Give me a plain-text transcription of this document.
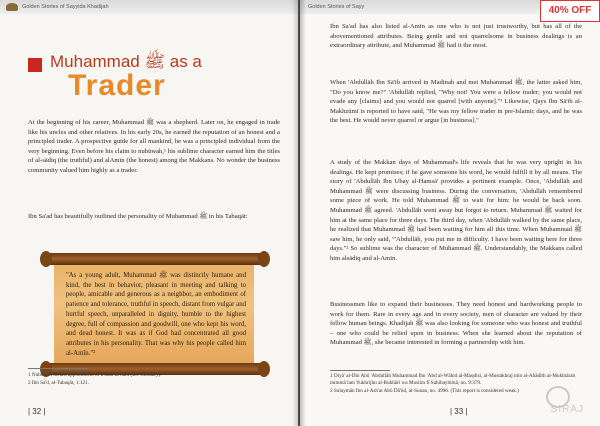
Golden Stories of Sayyida Khadijah
Muhammad ﷺ as a
Trader

At the beginning of his career, Muhammad ﷺ was a shepherd. Later on, he engaged in trade like his uncles and other relatives. In his early 20s, he earned the reputation of an honest and a principled trader. A prospective guide for all mankind, he was a principled individual from the very beginning. Even before his claim to nubūwah,¹ his sublime character earned him the titles of al-sādiq (the truthful) and alAmīn (the honest) among the Makkans. No wonder the business community valued him highly as a trader.

Ibn Sa'ad has beautifully outlined the personality of Muhammad ﷺ in his Tabaqāt:

"As a young adult, Muhammad ﷺ was distinctly humane and kind, the best in behavior, pleasant in meeting and talking to people, amicable and generous as a neighbor, an embodiment of patience and tolerance, truthful in speech, distant from vulgar and hurtful speech, unparalleled in dignity, humble to the highest degree, full of compassion and goodwill, one who kept his word, and dead honest. It was as if God had concentrated all good attributes in his personality. That was why his people called him al-Amīn."²

1 Nubūwah means appointment of a man as nabī (see Glossary).

2 Ibn Sa'd, al-Tabaqāt, 1:121.

| 32 |
Golden Stories of Sayy

Ibn Sa'ad has also listed al-Amīn as one who is not just trustworthy, but has all of the abovementioned attributes. Being gentle and not quarrelsome in business dealings is an extraordinary attribute, and Muhammad ﷺ had it the most.

When 'Abdullāh Ibn Sā'ib arrived in Madinah and met Muhammad ﷺ, the latter asked him, "Do you know me?" 'Abdullāh replied, "Why not! You were a fellow trader; you would not evade any [claims] and you would not quarrel [with anyone]."¹ Likewise, Qays Ibn Sā'ib al-Makhzūmī is reported to have said, "He was my fellow trader in pre-Islamic days, and he was the best. He would never quarrel or argue [in business]."

A study of the Makkan days of Muhammad's life reveals that he was very upright in his dealings. He kept promises; if he gave someone his word, he would fulfill it by all means. The story of 'Abdullāh Ibn Ubay al-Hamsā' provides a pertinent example. Once, 'Abdullāh and Muhammad ﷺ were discussing business. During the conversation, 'Abdullāh remembered some piece of work. He told Muhammad ﷺ to wait for him: he would be back soon. Muhammad ﷺ agreed. 'Abdullāh went away but forgot to return. Muhammad ﷺ waited for him at the same place for three days. The third day, when 'Abdullāh walked by the same place, he realized that Muhammad ﷺ had been waiting for him all this time. When Muhammad ﷺ saw him, he only said, "'Abdullāh, you put me in difficulty. I have been waiting here for three days."² So sublime was the character of Muhammad ﷺ. Understandably, the Makkans called him alsādiq and al-Amīn.

Businessmen like to expand their businesses. They need honest and hardworking people to work for them. Rare in every age and in every society, men of character are valued by their fellow human beings. Khadījah ﷺ was also looking for someone who was honest and truthful – one who could be relied upon in business. When she learned about the reputation of Muhammad ﷺ, she became interested in forming a partnership with him.

1 Diyā' al-Dīn Abū 'Abdullāh Muhammad Ibn 'Abd al-Wāhid al-Maqdisī, al-Mustakhraj min al-Ahādīth al-Mukhtārah mimmā lam Yukhrijhu al-Bukhārī wa Muslim fī Sahīhayhimā, no. 9:379.

2 Sulaymān Ibn al-Ash'at Abū Dā'ūd, al-Sunan, no. 4996. (This report is considered weak.)

| 33 |
40% OFF
SIRAJ
